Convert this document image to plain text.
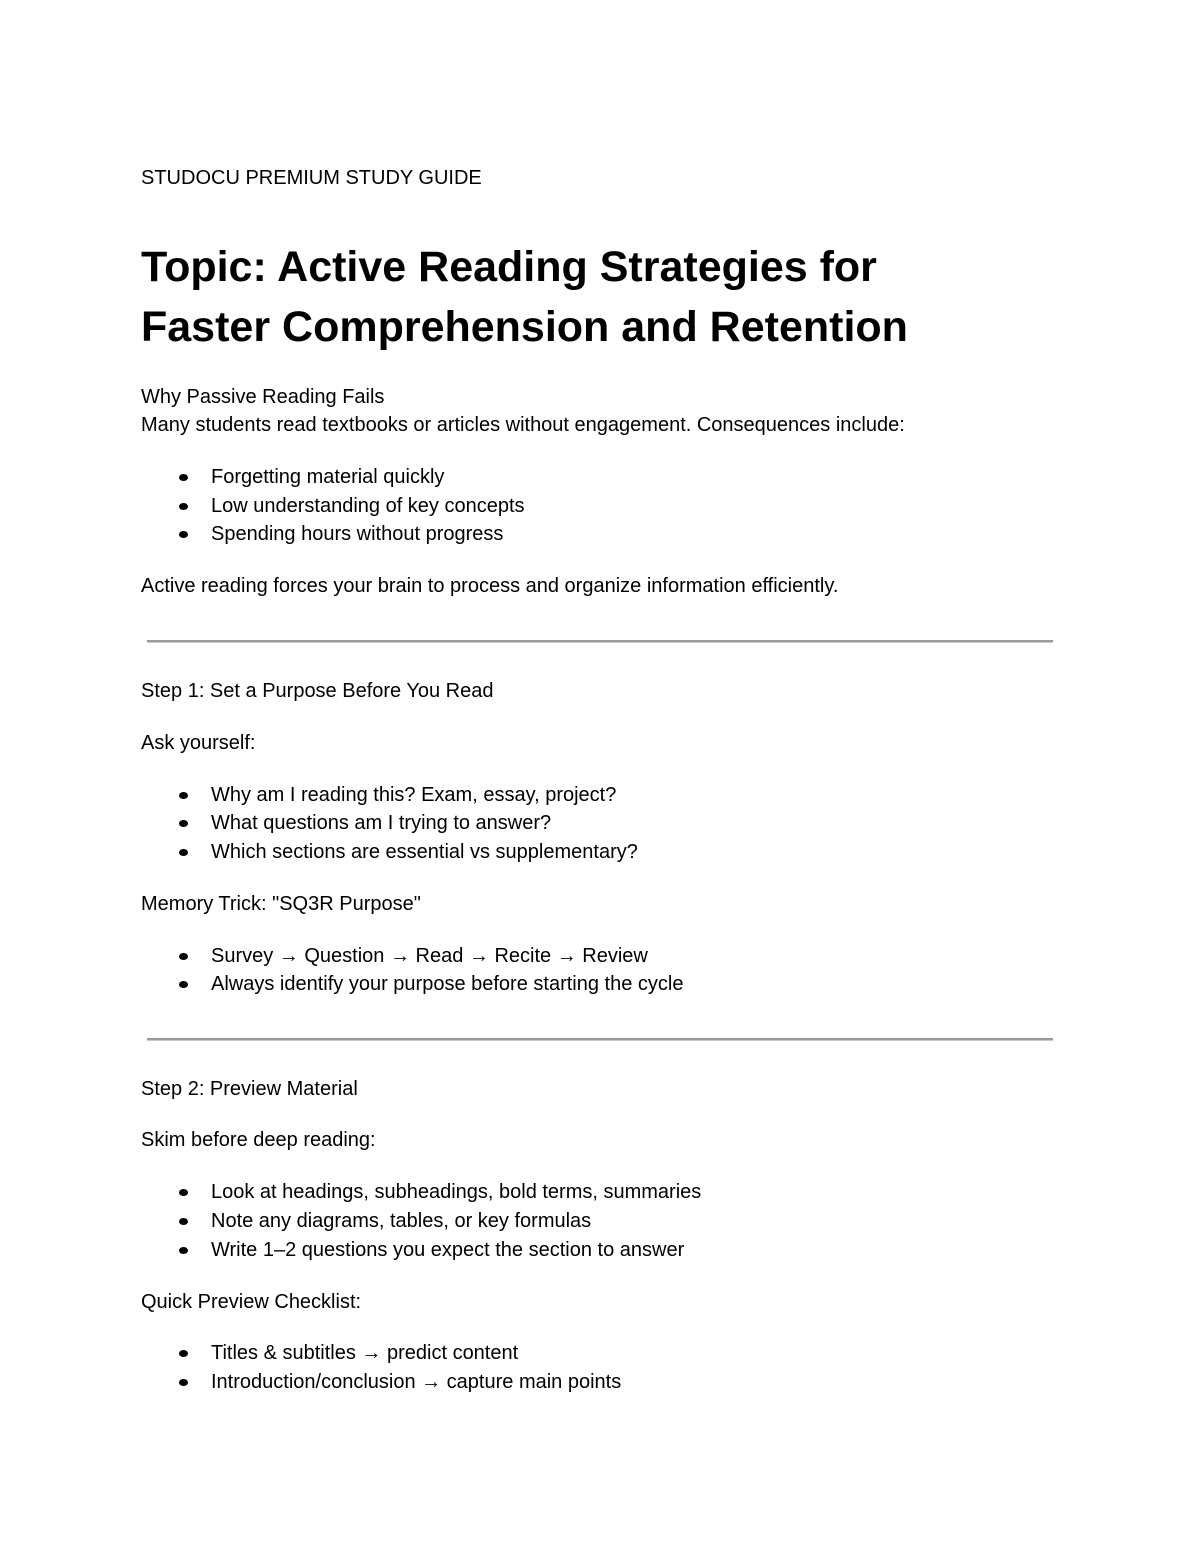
STUDOCU PREMIUM STUDY GUIDE
Topic: Active Reading Strategies for
Faster Comprehension and Retention
Why Passive Reading Fails
Many students read textbooks or articles without engagement. Consequences include:
Forgetting material quickly
Low understanding of key concepts
Spending hours without progress
Active reading forces your brain to process and organize information efficiently.
Step 1: Set a Purpose Before You Read
Ask yourself:
Why am I reading this? Exam, essay, project?
What questions am I trying to answer?
Which sections are essential vs supplementary?
Memory Trick: "SQ3R Purpose"
Survey → Question → Read → Recite → Review
Always identify your purpose before starting the cycle
Step 2: Preview Material
Skim before deep reading:
Look at headings, subheadings, bold terms, summaries
Note any diagrams, tables, or key formulas
Write 1–2 questions you expect the section to answer
Quick Preview Checklist:
Titles & subtitles → predict content
Introduction/conclusion → capture main points
